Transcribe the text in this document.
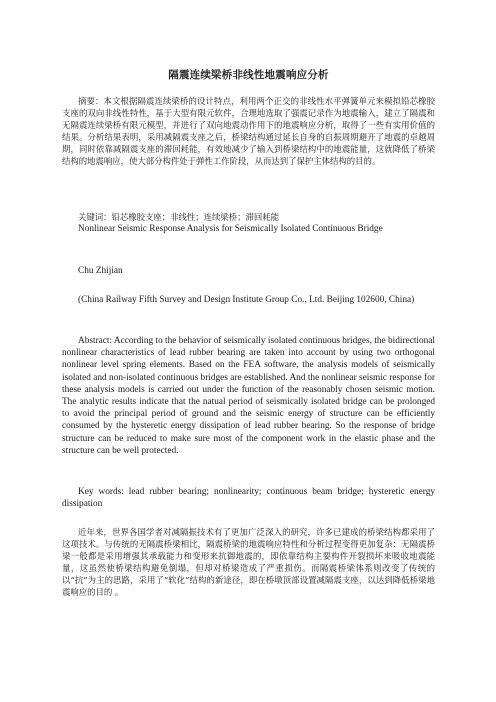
隔震连续梁桥非线性地震响应分析

摘要：本文根据隔震连续梁桥的设计特点，利用两个正交的非线性水平弹簧单元来模拟铅芯橡胶支座的双向非线性特性，基于大型有限元软件，合理地选取了强震记录作为地震输入，建立了隔震和无隔震连续梁桥有限元模型，并进行了双向地震动作用下的地震响应分析，取得了一些有实用价值的结果。分析结果表明，采用减隔震支座之后，桥梁结构通过延长自身的自振周期避开了地震的卓越周期，同时依靠减隔震支座的滞回耗能，有效地减少了输入到桥梁结构中的地震能量，这就降低了桥梁结构的地震响应，使大部分构件处于弹性工作阶段，从而达到了保护主体结构的目的。

关键词：铅芯橡胶支座；非线性；连续梁桥；滞回耗能

Nonlinear Seismic Response Analysis for Seismically Isolated Continuous Bridge

Chu Zhijian

(China Railway Fifth Survey and Design Institute Group Co., Ltd. Beijing 102600, China)

Abstract: According to the behavior of seismically isolated continuous bridges, the bidirectional nonlinear characteristics of lead rubber bearing are taken into account by using two orthogonal nonlinear level spring elements. Based on the FEA software, the analysis models of seismically isolated and non-isolated continuous bridges are established. And the nonlinear seismic response for these analysis models is carried out under the function of the reasonably chosen seismic motion. The analytic results indicate that the natual period of seismically isolated bridge can be prolonged to avoid the principal period of ground and the seismic energy of structure can be efficiently consumed by the hysteretic energy dissipation of lead rubber bearing. So the response of bridge structure can be reduced to make sure most of the component work in the elastic phase and the structure can be well protected.

Key words: lead rubber bearing; nonlinearity; continuous beam bridge; hysteretic energy dissipation

近年来，世界各国学者对减隔振技术有了更加广泛深入的研究，许多已建成的桥梁结构都采用了这项技术。与传统的无隔震桥梁相比，隔震桥梁的地震响应特性和分析过程变得更加复杂：无隔震桥梁一般都是采用增强其承载能力和变形来抗御地震的，即依靠结构主要构件开裂损坏来吸收地震能量，这虽然使桥梁结构避免倒塌，但却对桥梁造成了严重损伤。而隔震桥梁体系则改变了传统的以“抗”为主的思路，采用了“软化”结构的新途径，即在桥墩顶部设置减隔震支座，以达到降低桥梁地震响应的目的 。
